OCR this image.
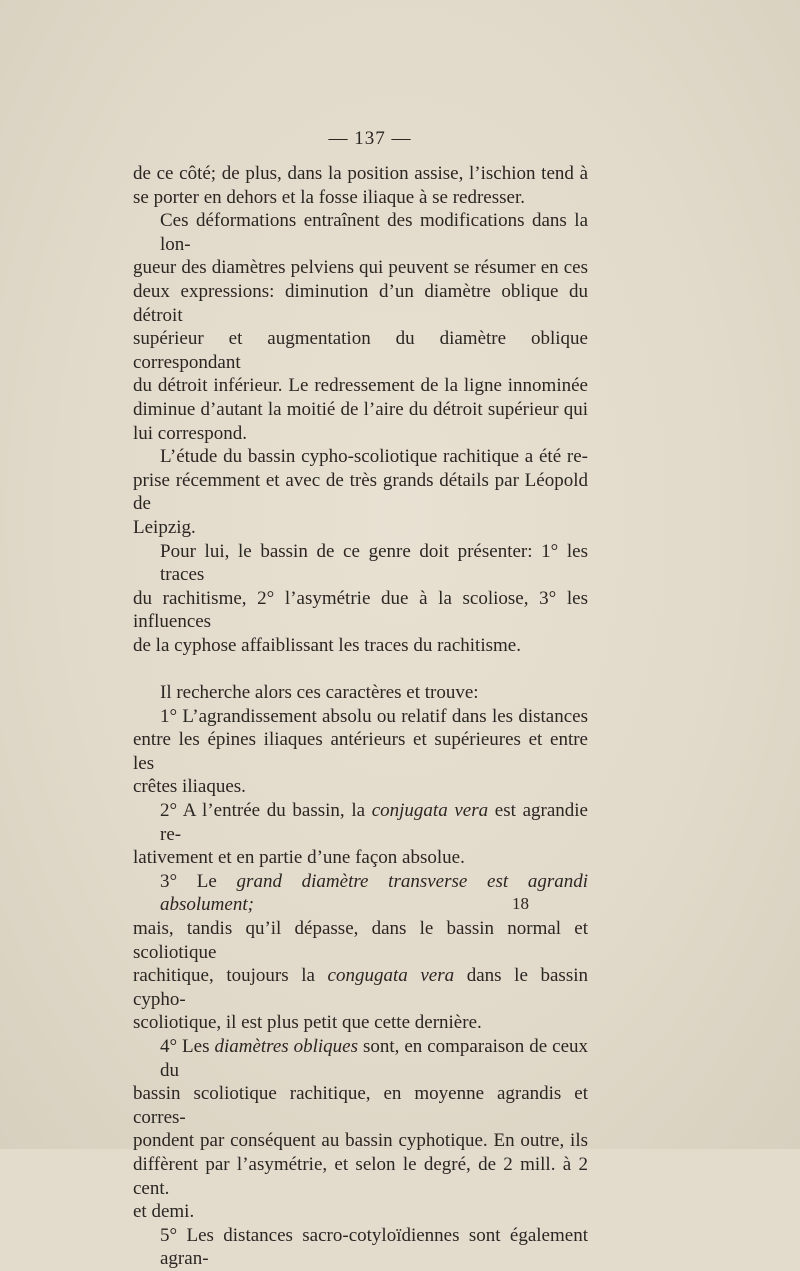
— 137 —

de ce côté; de plus, dans la position assise, l’ischion tend à
se porter en dehors et la fosse iliaque à se redresser.

Ces déformations entraînent des modifications dans la lon-
gueur des diamètres pelviens qui peuvent se résumer en ces
deux expressions: diminution d’un diamètre oblique du détroit
supérieur et augmentation du diamètre oblique correspondant
du détroit inférieur. Le redressement de la ligne innominée
diminue d’autant la moitié de l’aire du détroit supérieur qui
lui correspond.

L’étude du bassin cypho-scoliotique rachitique a été re-
prise récemment et avec de très grands détails par Léopold de
Leipzig.

Pour lui, le bassin de ce genre doit présenter: 1° les traces
du rachitisme, 2° l’asymétrie due à la scoliose, 3° les influences
de la cyphose affaiblissant les traces du rachitisme.

Il recherche alors ces caractères et trouve:

1° L’agrandissement absolu ou relatif dans les distances
entre les épines iliaques antérieurs et supérieures et entre les
crêtes iliaques.

2° A l’entrée du bassin, la conjugata vera est agrandie re-
lativement et en partie d’une façon absolue.

3° Le grand diamètre transverse est agrandi absolument;
mais, tandis qu’il dépasse, dans le bassin normal et scoliotique
rachitique, toujours la congugata vera dans le bassin cypho-
scoliotique, il est plus petit que cette dernière.

4° Les diamètres obliques sont, en comparaison de ceux du
bassin scoliotique rachitique, en moyenne agrandis et corres-
pondent par conséquent au bassin cyphotique. En outre, ils
diffèrent par l’asymétrie, et selon le degré, de 2 mill. à 2 cent.
et demi.

5° Les distances sacro-cotyloïdiennes sont également agran-

18
